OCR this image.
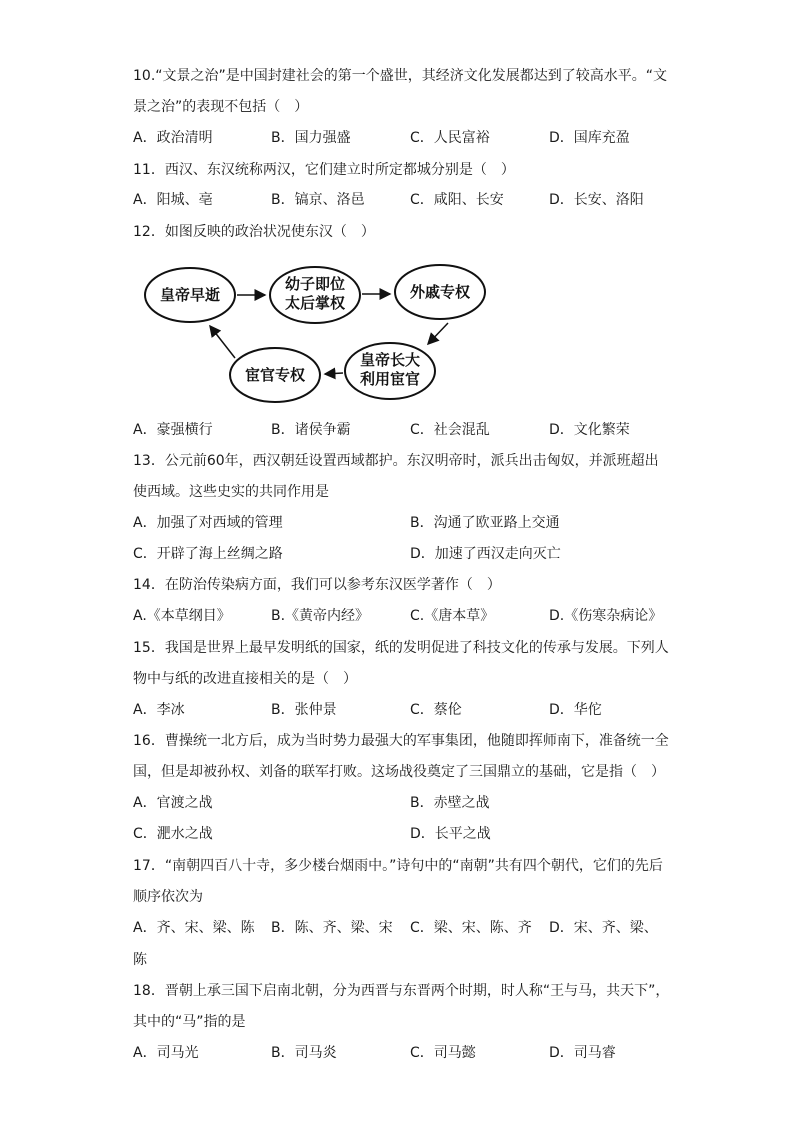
10.“文景之治”是中国封建社会的第一个盛世，其经济文化发展都达到了较高水平。“文
景之治”的表现不包括（　）
A．政治清明	B．国力强盛	C．人民富裕	D．国库充盈
11．西汉、东汉统称两汉，它们建立时所定都城分别是（　）
A．阳城、亳	B．镐京、洛邑	C．咸阳、长安	D．长安、洛阳
12．如图反映的政治状况使东汉（　）
皇帝早逝
幼子即位
太后掌权
外戚专权
皇帝长大
利用宦官
宦官专权
A．豪强横行	B．诸侯争霸	C．社会混乱	D．文化繁荣
13．公元前60年，西汉朝廷设置西域都护。东汉明帝时，派兵出击匈奴，并派班超出
使西域。这些史实的共同作用是
A．加强了对西域的管理	B．沟通了欧亚路上交通
C．开辟了海上丝绸之路	D．加速了西汉走向灭亡
14．在防治传染病方面，我们可以参考东汉医学著作（　）
A.《本草纲目》	B.《黄帝内经》	C.《唐本草》	D.《伤寒杂病论》
15．我国是世界上最早发明纸的国家，纸的发明促进了科技文化的传承与发展。下列人
物中与纸的改进直接相关的是（　）
A．李冰	B．张仲景	C．蔡伦	D．华佗
16．曹操统一北方后，成为当时势力最强大的军事集团，他随即挥师南下，准备统一全
国，但是却被孙权、刘备的联军打败。这场战役奠定了三国鼎立的基础，它是指（　）
A．官渡之战	B．赤壁之战
C．淝水之战	D．长平之战
17．“南朝四百八十寺，多少楼台烟雨中。”诗句中的“南朝”共有四个朝代，它们的先后
顺序依次为
A．齐、宋、梁、陈 B．陈、齐、梁、宋 C．梁、宋、陈、齐 D．宋、齐、梁、
陈
18．晋朝上承三国下启南北朝，分为西晋与东晋两个时期，时人称“王与马，共天下”，
其中的“马”指的是
A．司马光	B．司马炎	C．司马懿	D．司马睿
